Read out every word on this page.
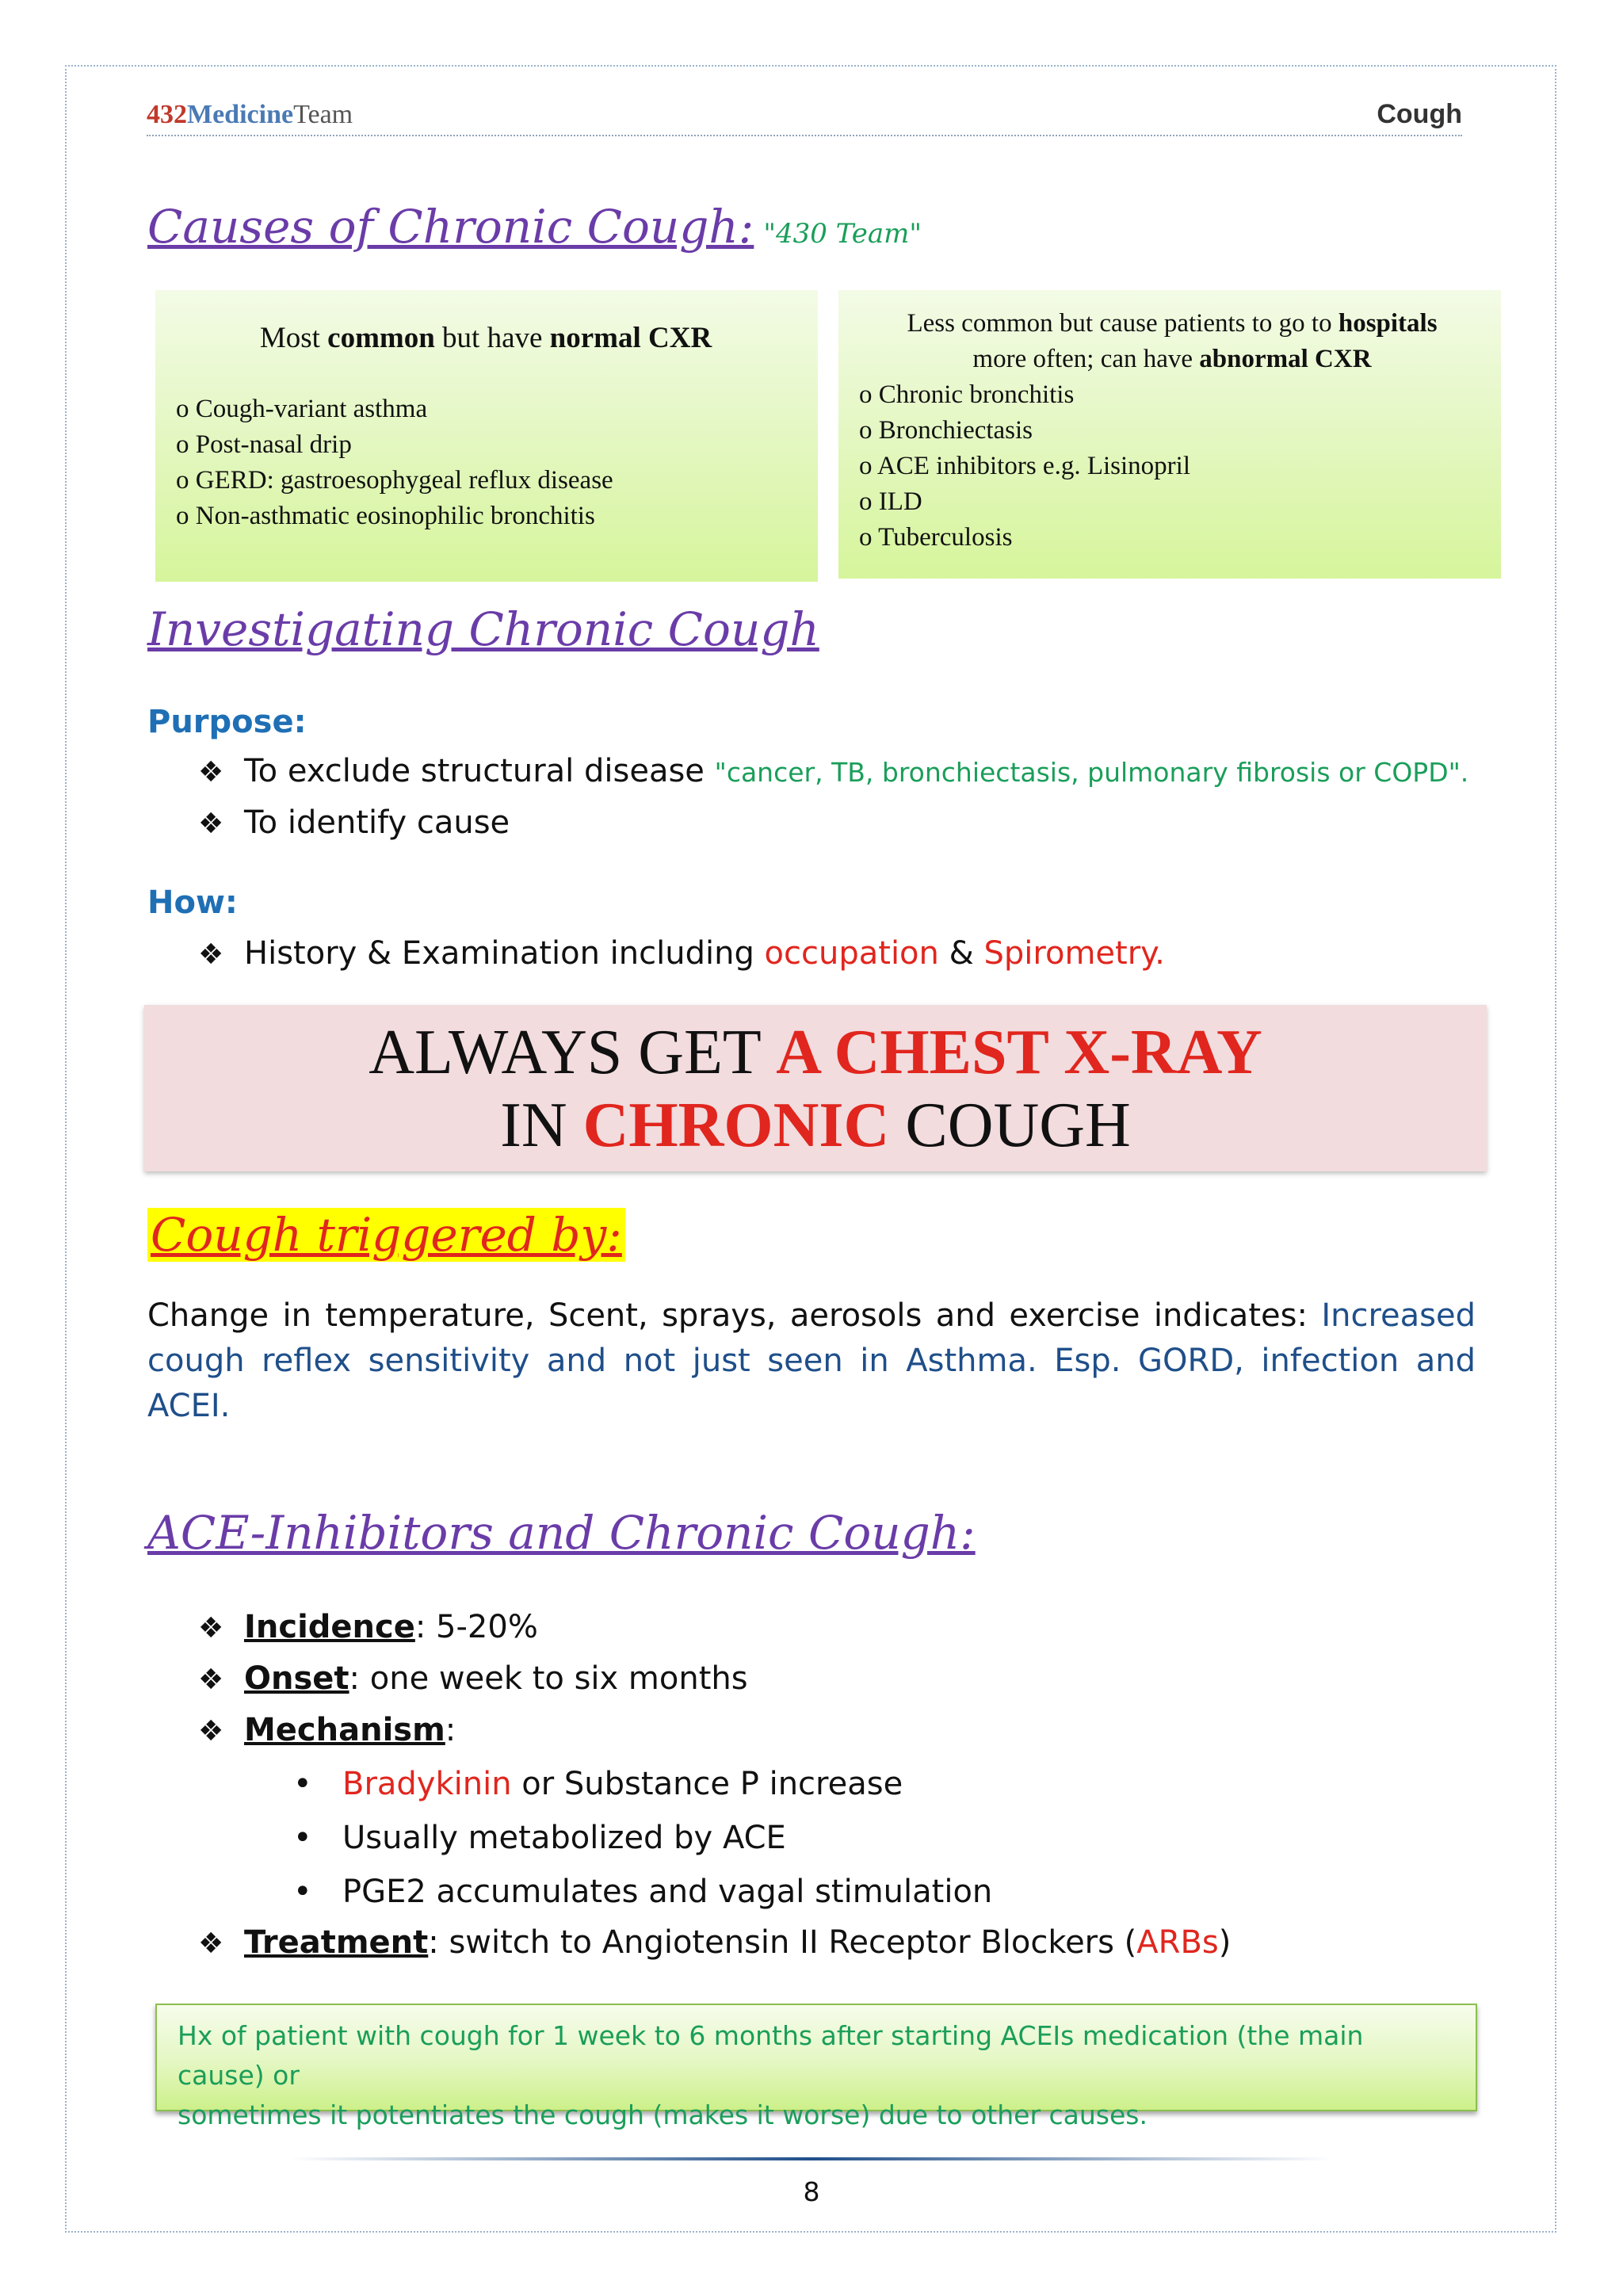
432MedicineTeam	Cough
Causes of Chronic Cough: "430 Team"
Most common but have normal CXR
o Cough-variant asthma
o Post-nasal drip
o GERD: gastroesophygeal reflux disease
o Non-asthmatic eosinophilic bronchitis
Less common but cause patients to go to hospitals
more often; can have abnormal CXR
o Chronic bronchitis
o Bronchiectasis
o ACE inhibitors e.g. Lisinopril
o ILD
o Tuberculosis
Investigating Chronic Cough
Purpose:
❖ To exclude structural disease "cancer, TB, bronchiectasis, pulmonary fibrosis or COPD".
❖ To identify cause
How:
❖ History & Examination including occupation & Spirometry.
ALWAYS GET A CHEST X-RAY
IN CHRONIC COUGH
Cough triggered by:
Change in temperature, Scent, sprays, aerosols and exercise indicates: Increased cough reflex sensitivity and not just seen in Asthma. Esp. GORD, infection and ACEI.
ACE-Inhibitors and Chronic Cough:
❖ Incidence: 5-20%
❖ Onset: one week to six months
❖ Mechanism:
• Bradykinin or Substance P increase
• Usually metabolized by ACE
• PGE2 accumulates and vagal stimulation
❖ Treatment: switch to Angiotensin II Receptor Blockers (ARBs)
Hx of patient with cough for 1 week to 6 months after starting ACEIs medication (the main cause) or
sometimes it potentiates the cough (makes it worse) due to other causes.
8
